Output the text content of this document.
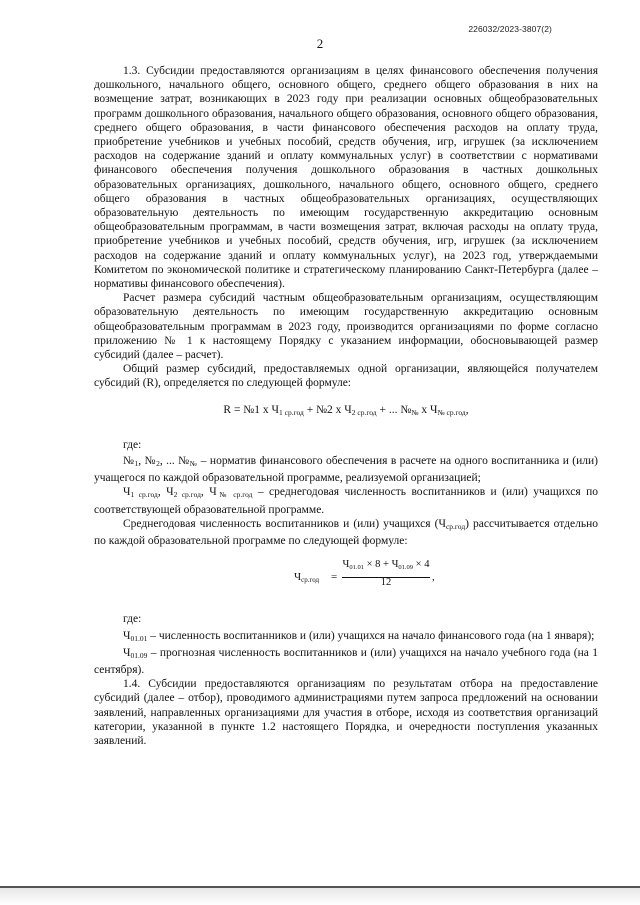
226032/2023-3807(2)
2

1.3. Субсидии предоставляются организациям в целях финансового обеспечения получения дошкольного, начального общего, основного общего, среднего общего образования в них на возмещение затрат, возникающих в 2023 году при реализации основных общеобразовательных программ дошкольного образования, начального общего образования, основного общего образования, среднего общего образования, в части финансового обеспечения расходов на оплату труда, приобретение учебников и учебных пособий, средств обучения, игр, игрушек (за исключением расходов на содержание зданий и оплату коммунальных услуг) в соответствии с нормативами финансового обеспечения получения дошкольного образования в частных дошкольных образовательных организациях, дошкольного, начального общего, основного общего, среднего общего образования в частных общеобразовательных организациях, осуществляющих образовательную деятельность по имеющим государственную аккредитацию основным общеобразовательным программам, в части возмещения затрат, включая расходы на оплату труда, приобретение учебников и учебных пособий, средств обучения, игр, игрушек (за исключением расходов на содержание зданий и оплату коммунальных услуг), на 2023 год, утверждаемыми Комитетом по экономической политике и стратегическому планированию Санкт-Петербурга (далее – нормативы финансового обеспечения).

Расчет размера субсидий частным общеобразовательным организациям, осуществляющим образовательную деятельность по имеющим государственную аккредитацию основным общеобразовательным программам в 2023 году, производится организациями по форме согласно приложению № 1 к настоящему Порядку с указанием информации, обосновывающей размер субсидий (далее – расчет).

Общий размер субсидий, предоставляемых одной организации, являющейся получателем субсидий (R), определяется по следующей формуле:

R = №1 х $Ч_{1 ср.год}$ + №2 х $Ч_{2 ср.год}$ + ... $№_№$ х $Ч_{№ ср.год}$,

где:

$№_1$, $№_2$, ... $№_№$ – норматив финансового обеспечения в расчете на одного воспитанника и (или) учащегося по каждой образовательной программе, реализуемой организацией;

$Ч_{1 ср.год}$, $Ч_{2 ср.год}$, $Ч_{№ ср.год}$ – среднегодовая численность воспитанников и (или) учащихся по соответствующей образовательной программе.

Среднегодовая численность воспитанников и (или) учащихся $(Ч_{ср.год})$ рассчитывается отдельно по каждой образовательной программе по следующей формуле:

$Ч_{ср.год}$ =
$Ч_{01.01} \times 8 + Ч_{01.09} \times 4$
12	,

где:

$Ч_{01.01}$ – численность воспитанников и (или) учащихся на начало финансового года (на 1 января);

$Ч_{01.09}$ – прогнозная численность воспитанников и (или) учащихся на начало учебного года (на 1 сентября).

1.4. Субсидии предоставляются организациям по результатам отбора на предоставление субсидий (далее – отбор), проводимого администрациями путем запроса предложений на основании заявлений, направленных организациями для участия в отборе, исходя из соответствия организаций категории, указанной в пункте 1.2 настоящего Порядка, и очередности поступления указанных заявлений.
